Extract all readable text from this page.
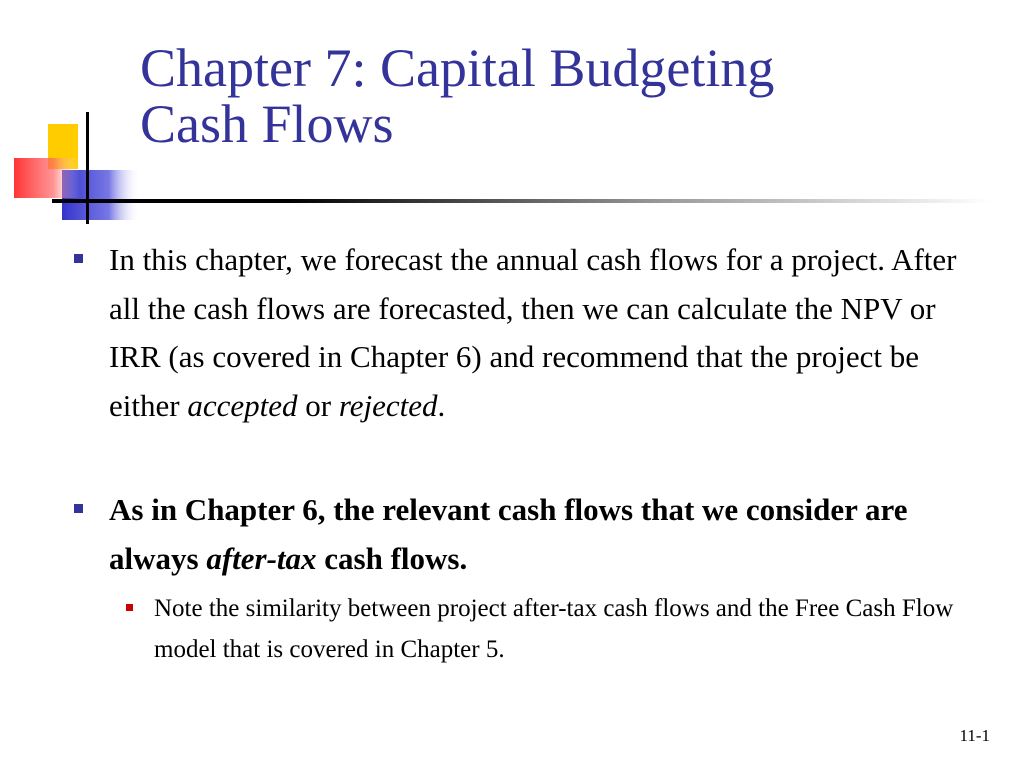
Chapter 7: Capital Budgeting
Cash Flows
In this chapter, we forecast the annual cash flows for a project. After all the cash flows are forecasted, then we can calculate the NPV or IRR (as covered in Chapter 6) and recommend that the project be either accepted or rejected.
As in Chapter 6, the relevant cash flows that we consider are always after-tax cash flows.
Note the similarity between project after-tax cash flows and the Free Cash Flow model that is covered in Chapter 5.
11-1
